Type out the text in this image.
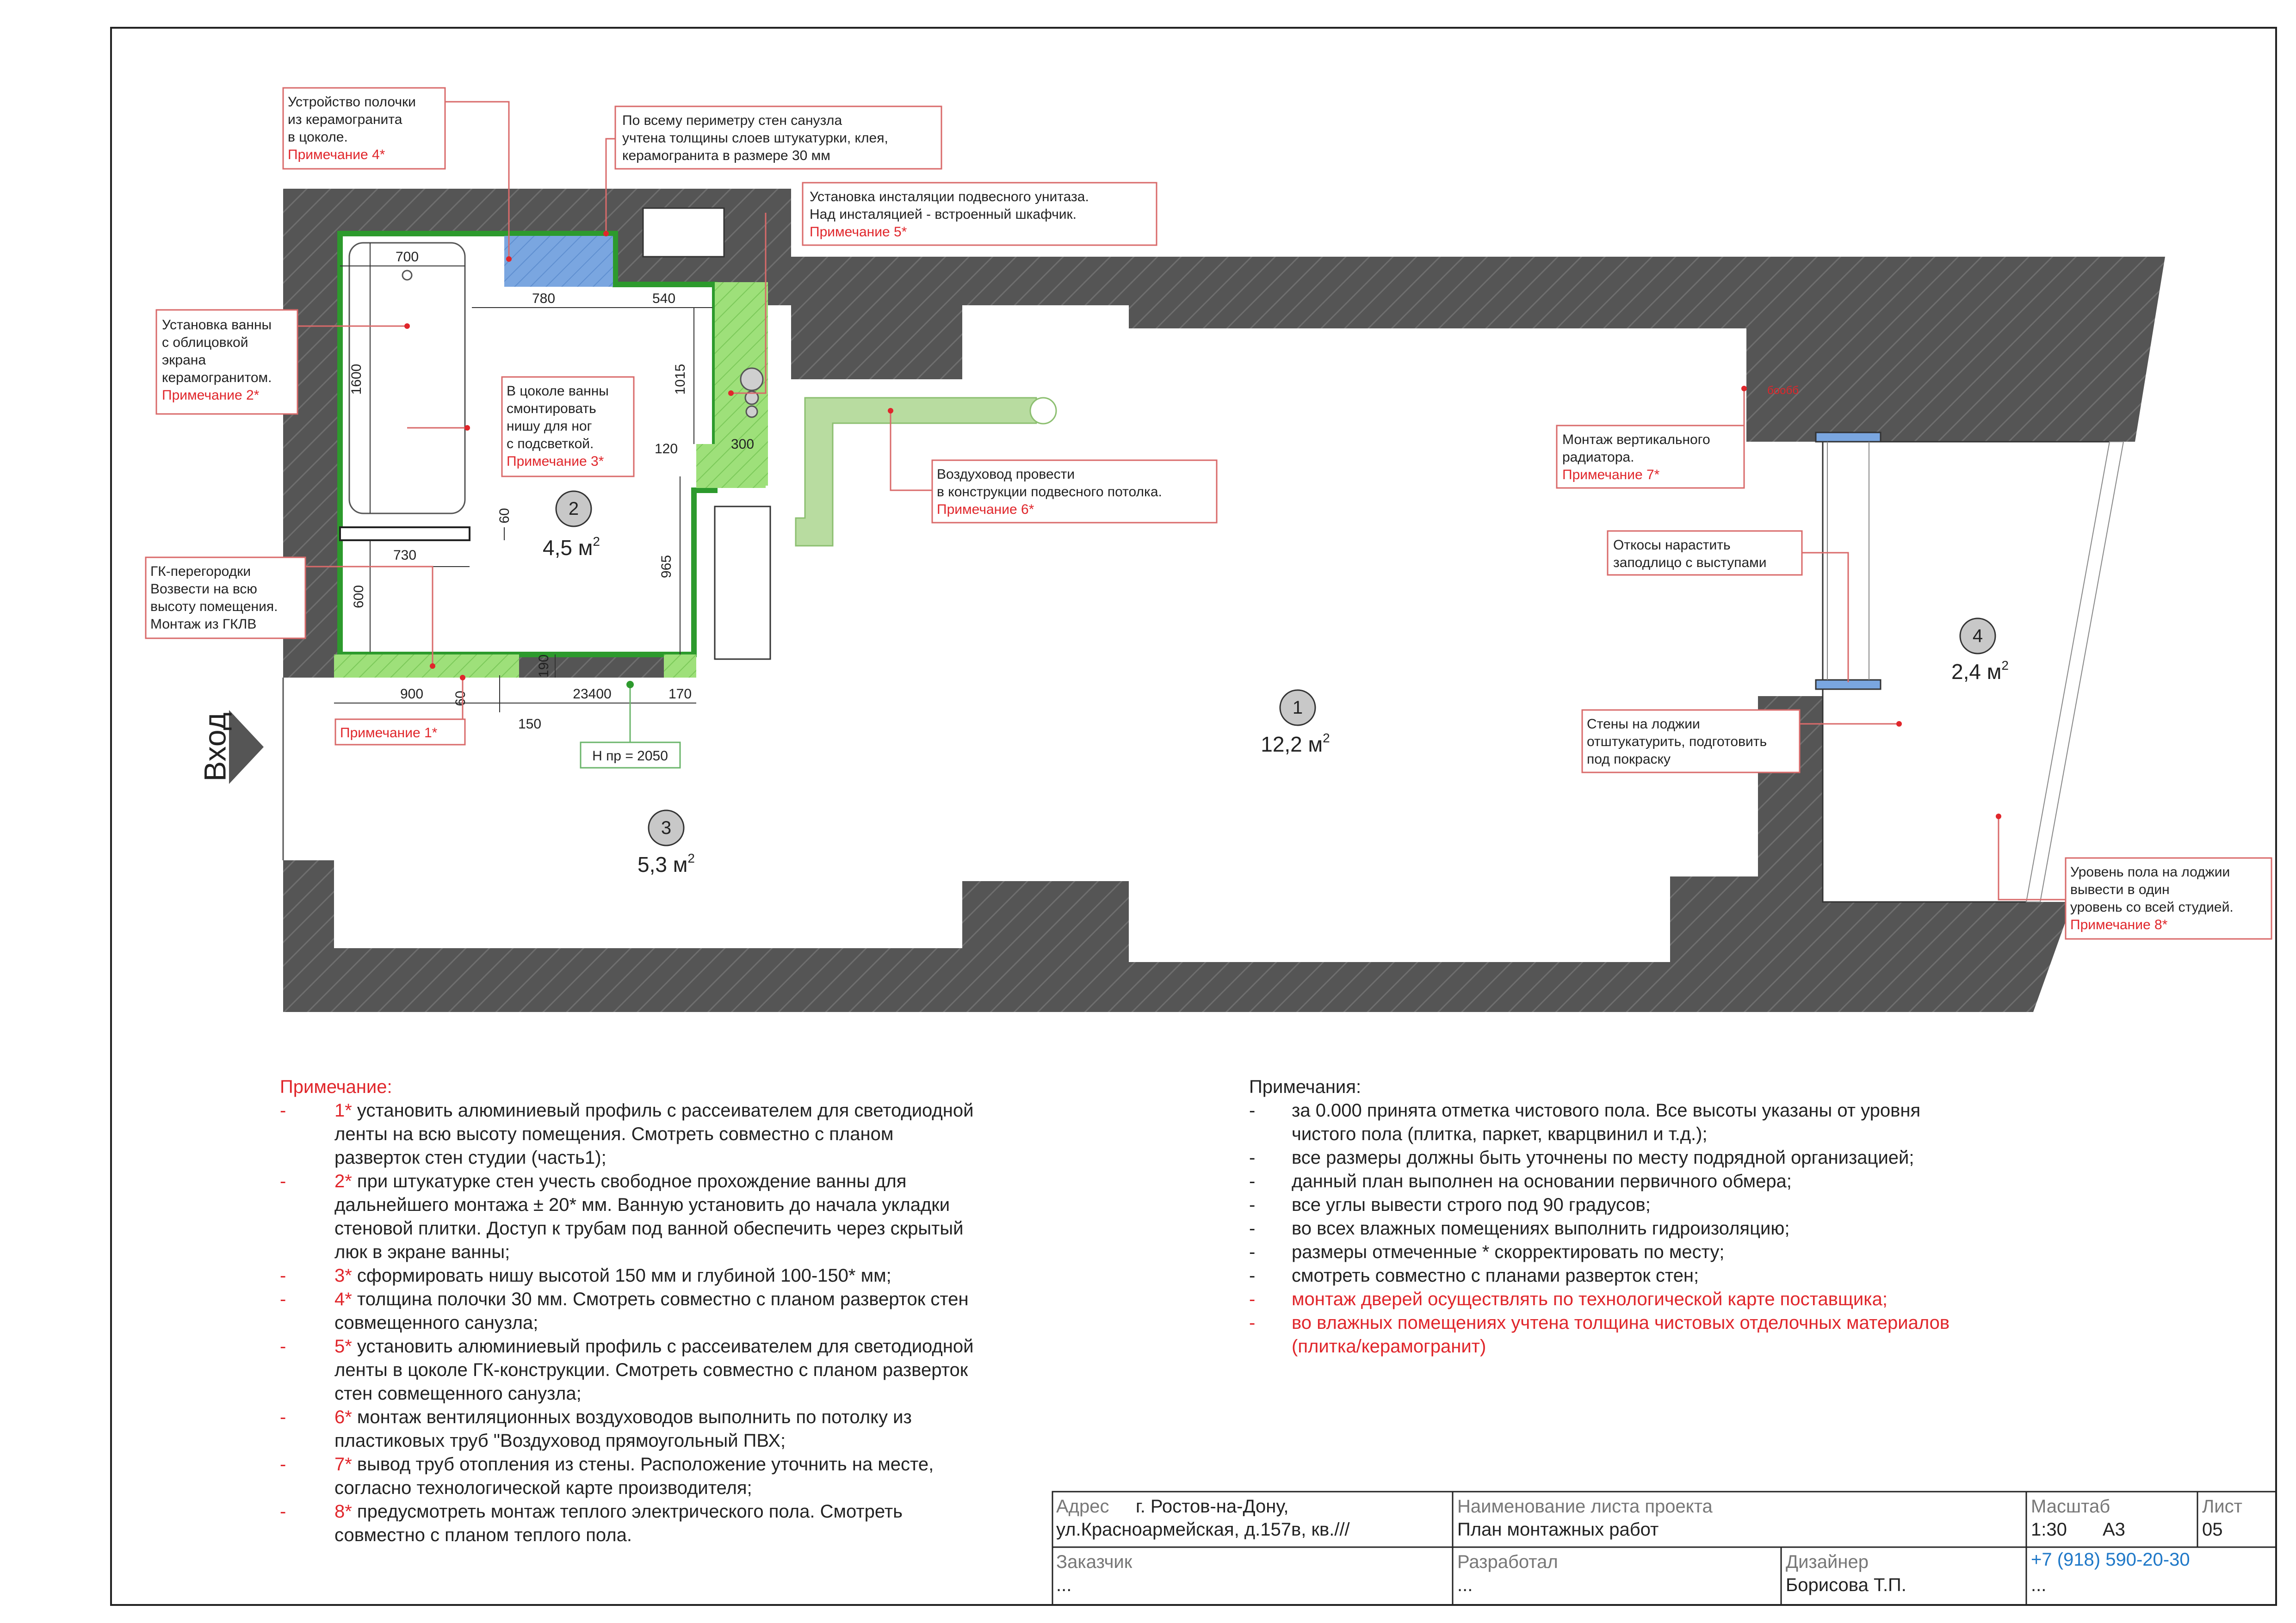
Вход
700
780	540
1600	1015
120	300
60
730
600
965
190
900 60	23400	170
150
1
12,2 $м^2$
2
4,5 $м^2$
3
5,3 $м^2$
4
2,4 $м^2$
Н пр = 2050
бообб
Устройство полочки
из керамогранита
в цоколе.
Примечание 4*
По всему периметру стен санузла
учтена толщины слоев штукатурки, клея,
керамогранита в размере 30 мм
Установка инсталяции подвесного унитаза.
Над инсталяцией - встроенный шкафчик.
Примечание 5*
Установка ванны
с облицовкой
экрана
керамогранитом.
Примечание 2*	В цоколе ванны
смонтировать
нишу для ног
с подсветкой.
Примечание 3*
Воздуховод провести
в конструкции подвесного потолка.
Примечание 6*
Монтаж вертикального
радиатора.
Примечание 7*
Откосы нарастить
заподлицо с выступами
ГК-перегородки
Возвести на всю
высоту помещения.
Монтаж из ГКЛВ
Примечание 1*
Стены на лоджии
отштукатурить, подготовить
под покраску
Уровень пола на лоджии
вывести в один
уровень со всей студией.
Примечание 8*
Примечание:
-	1* установить алюминиевый профиль с рассеивателем для светодиодной
ленты на всю высоту помещения. Смотреть совместно с планом
разверток стен студии (часть1);
-	2* при штукатурке стен учесть свободное прохождение ванны для
дальнейшего монтажа ± 20* мм. Ванную установить до начала укладки
стеновой плитки. Доступ к трубам под ванной обеспечить через скрытый
люк в экране ванны;
-	3* сформировать нишу высотой 150 мм и глубиной 100-150* мм;
-	4* толщина полочки 30 мм. Смотреть совместно с планом разверток стен
совмещенного санузла;
-	5* установить алюминиевый профиль с рассеивателем для светодиодной
ленты в цоколе ГК-конструкции. Смотреть совместно с планом разверток
стен совмещенного санузла;
-	6* монтаж вентиляционных воздуховодов выполнить по потолку из
пластиковых труб "Воздуховод прямоугольный ПВХ;
-	7* вывод труб отопления из стены. Расположение уточнить на месте,
согласно технологической карте производителя;
-	8* предусмотреть монтаж теплого электрического пола. Смотреть
совместно с планом теплого пола.
Примечания:
- за 0.000 принята отметка чистового пола. Все высоты указаны от уровня
чистого пола (плитка, паркет, кварцвинил и т.д.);
- все размеры должны быть уточнены по месту подрядной организацией;
- данный план выполнен на основании первичного обмера;
- все углы вывести строго под 90 градусов;
- во всех влажных помещениях выполнить гидроизоляцию;
- размеры отмеченные * скорректировать по месту;
- смотреть совместно с планами разверток стен;
- монтаж дверей осуществлять по технологической карте поставщика;
- во влажных помещениях учтена толщина чистовых отделочных материалов
(плитка/керамогранит)
Адрес г. Ростов-на-Дону,
ул.Красноармейская, д.157в, кв.///
Наименование листа проекта
План монтажных работ
Масштаб
1:30 А3
Лист
05
Заказчик
...
Разработал
...
Дизайнер
Борисова Т.П.
+7 (918) 590-20-30
...
